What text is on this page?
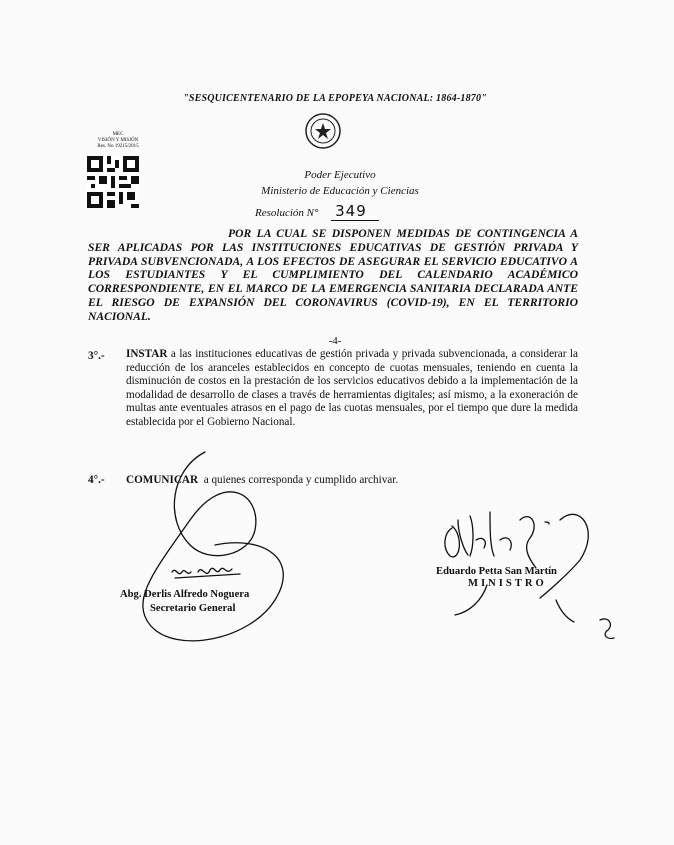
"SESQUICENTENARIO DE LA EPOPEYA NACIONAL: 1864-1870"
MEC
VISIÓN Y MISIÓN
Res. No 19215/2015
Poder Ejecutivo
Ministerio de Educación y Ciencias
Resolución N° 349
POR LA CUAL SE DISPONEN MEDIDAS DE CONTINGENCIA A SER APLICADAS POR LAS INSTITUCIONES EDUCATIVAS DE GESTIÓN PRIVADA Y PRIVADA SUBVENCIONADA, A LOS EFECTOS DE ASEGURAR EL SERVICIO EDUCATIVO A LOS ESTUDIANTES Y EL CUMPLIMIENTO DEL CALENDARIO ACADÉMICO CORRESPONDIENTE, EN EL MARCO DE LA EMERGENCIA SANITARIA DECLARADA ANTE EL RIESGO DE EXPANSIÓN DEL CORONAVIRUS (COVID-19), EN EL TERRITORIO NACIONAL.
-4-
3°.- INSTAR a las instituciones educativas de gestión privada y privada subvencionada, a considerar la reducción de los aranceles establecidos en concepto de cuotas mensuales, teniendo en cuenta la disminución de costos en la prestación de los servicios educativos debido a la implementación de la modalidad de desarrollo de clases a través de herramientas digitales; así mismo, a la exoneración de multas ante eventuales atrasos en el pago de las cuotas mensuales, por el tiempo que dure la medida establecida por el Gobierno Nacional.
4°.- COMUNICAR  a quienes corresponda y cumplido archivar.
Abg. Derlis Alfredo Noguera
Secretario General
Eduardo Petta San Martín
MINISTRO
